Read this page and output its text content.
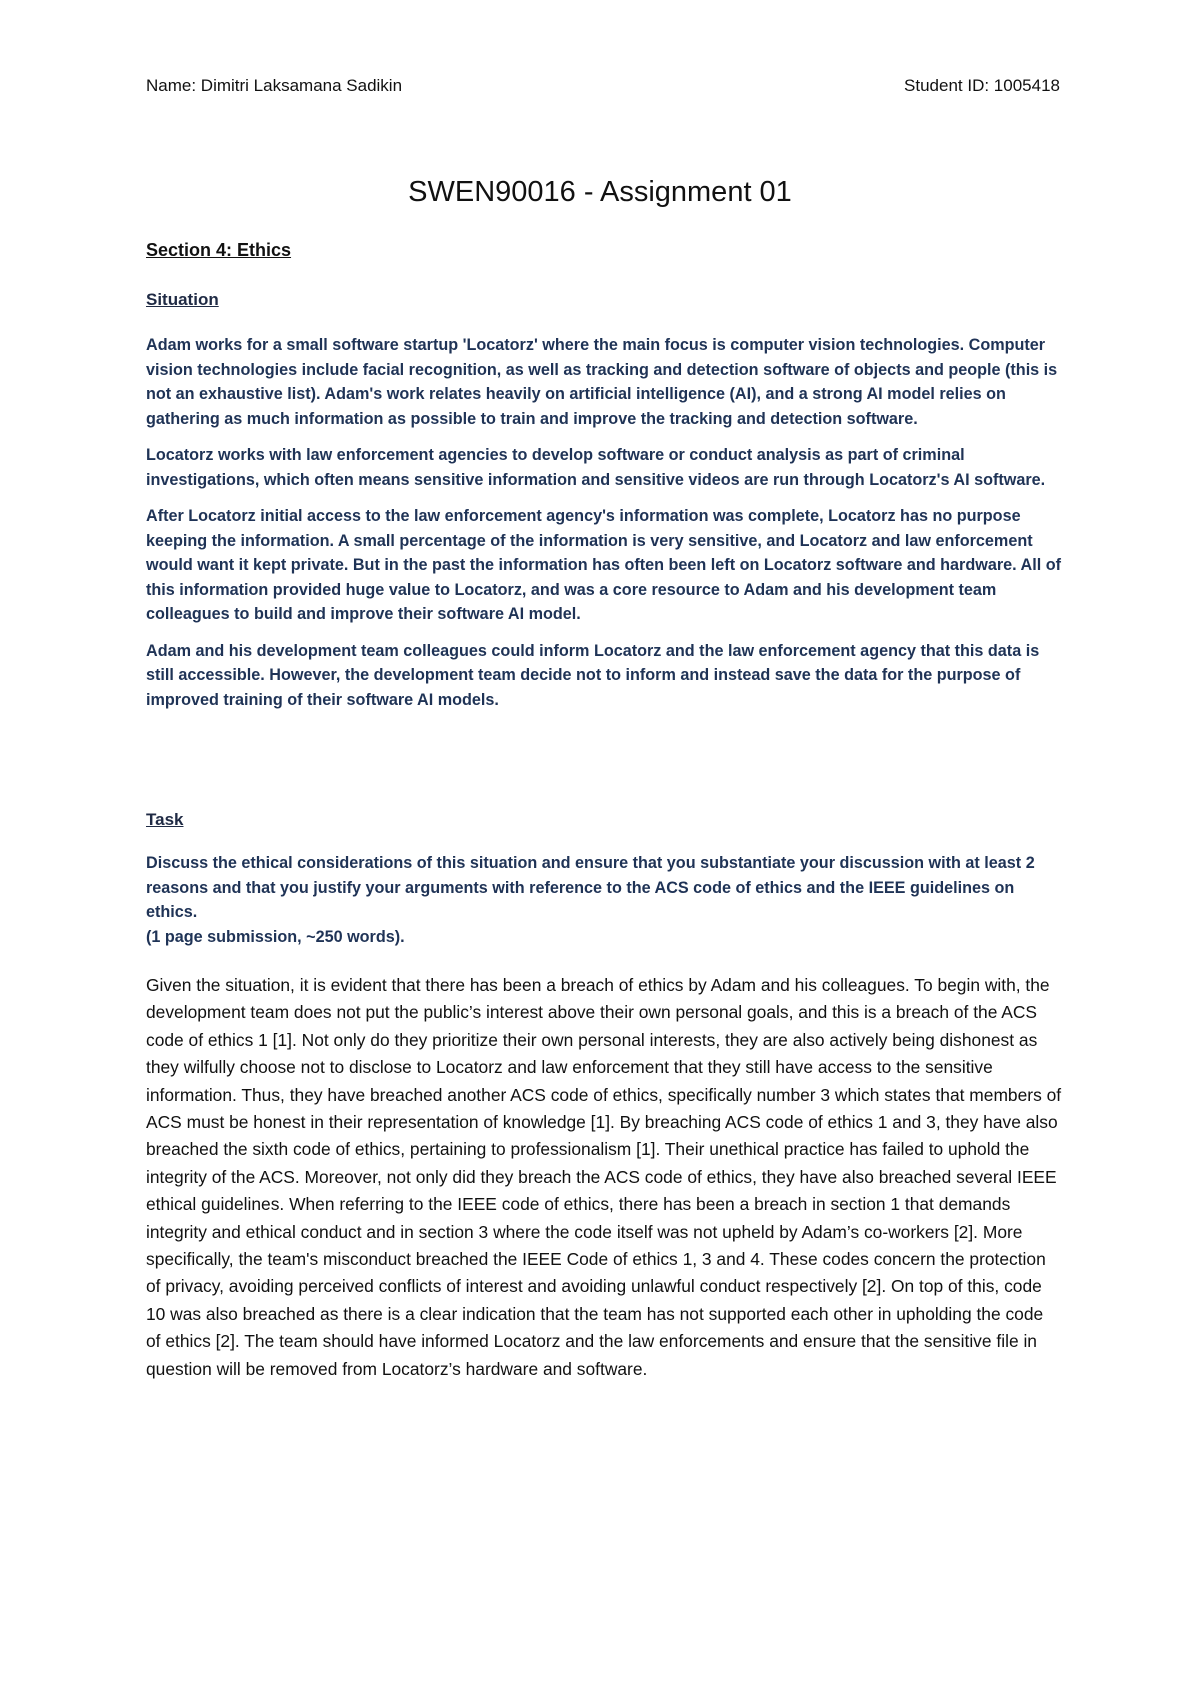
Name: Dimitri Laksamana Sadikin	Student ID: 1005418
SWEN90016 - Assignment 01
Section 4: Ethics
Situation

Adam works for a small software startup 'Locatorz' where the main focus is computer vision technologies. Computer vision technologies include facial recognition, as well as tracking and detection software of objects and people (this is not an exhaustive list). Adam's work relates heavily on artificial intelligence (AI), and a strong AI model relies on gathering as much information as possible to train and improve the tracking and detection software.

Locatorz works with law enforcement agencies to develop software or conduct analysis as part of criminal investigations, which often means sensitive information and sensitive videos are run through Locatorz's AI software.

After Locatorz initial access to the law enforcement agency's information was complete, Locatorz has no purpose keeping the information. A small percentage of the information is very sensitive, and Locatorz and law enforcement would want it kept private. But in the past the information has often been left on Locatorz software and hardware. All of this information provided huge value to Locatorz, and was a core resource to Adam and his development team colleagues to build and improve their software AI model.

Adam and his development team colleagues could inform Locatorz and the law enforcement agency that this data is still accessible. However, the development team decide not to inform and instead save the data for the purpose of improved training of their software AI models.

Task
Discuss the ethical considerations of this situation and ensure that you substantiate your discussion with at least 2 reasons and that you justify your arguments with reference to the ACS code of ethics and the IEEE guidelines on ethics.
(1 page submission, ~250 words).

Given the situation, it is evident that there has been a breach of ethics by Adam and his colleagues. To begin with, the development team does not put the public’s interest above their own personal goals, and this is a breach of the ACS code of ethics 1 [1]. Not only do they prioritize their own personal interests, they are also actively being dishonest as they wilfully choose not to disclose to Locatorz and law enforcement that they still have access to the sensitive information. Thus, they have breached another ACS code of ethics, specifically number 3 which states that members of ACS must be honest in their representation of knowledge [1]. By breaching ACS code of ethics 1 and 3, they have also breached the sixth code of ethics, pertaining to professionalism [1]. Their unethical practice has failed to uphold the integrity of the ACS. Moreover, not only did they breach the ACS code of ethics, they have also breached several IEEE ethical guidelines. When referring to the IEEE code of ethics, there has been a breach in section 1 that demands integrity and ethical conduct and in section 3 where the code itself was not upheld by Adam’s co-workers [2]. More specifically, the team's misconduct breached the IEEE Code of ethics 1, 3 and 4. These codes concern the protection of privacy, avoiding perceived conflicts of interest and avoiding unlawful conduct respectively [2]. On top of this, code 10 was also breached as there is a clear indication that the team has not supported each other in upholding the code of ethics [2]. The team should have informed Locatorz and the law enforcements and ensure that the sensitive file in question will be removed from Locatorz’s hardware and software.
